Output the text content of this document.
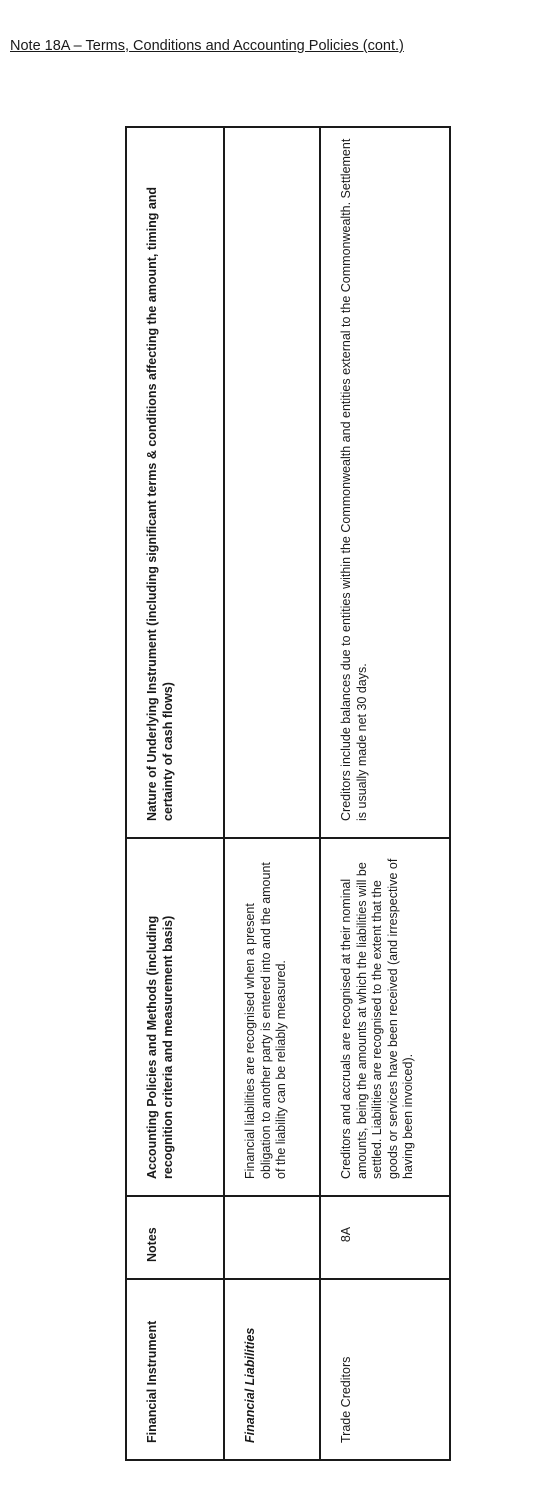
Note 18A – Terms, Conditions and Accounting Policies (cont.)
Financial Instrument	Notes	Accounting Policies and Methods (including recognition criteria and measurement basis)	Nature of Underlying Instrument (including significant terms & conditions affecting the amount, timing and certainty of cash flows)

Financial Liabilities		Financial liabilities are recognised when a present obligation to another party is entered into and the amount of the liability can be reliably measured.	

Trade Creditors	8A	Creditors and accruals are recognised at their nominal amounts, being the amounts at which the liabilities will be settled. Liabilities are recognised to the extent that the goods or services have been received (and irrespective of having been invoiced).	Creditors include balances due to entities within the Commonwealth and entities external to the Commonwealth. Settlement is usually made net 30 days.
